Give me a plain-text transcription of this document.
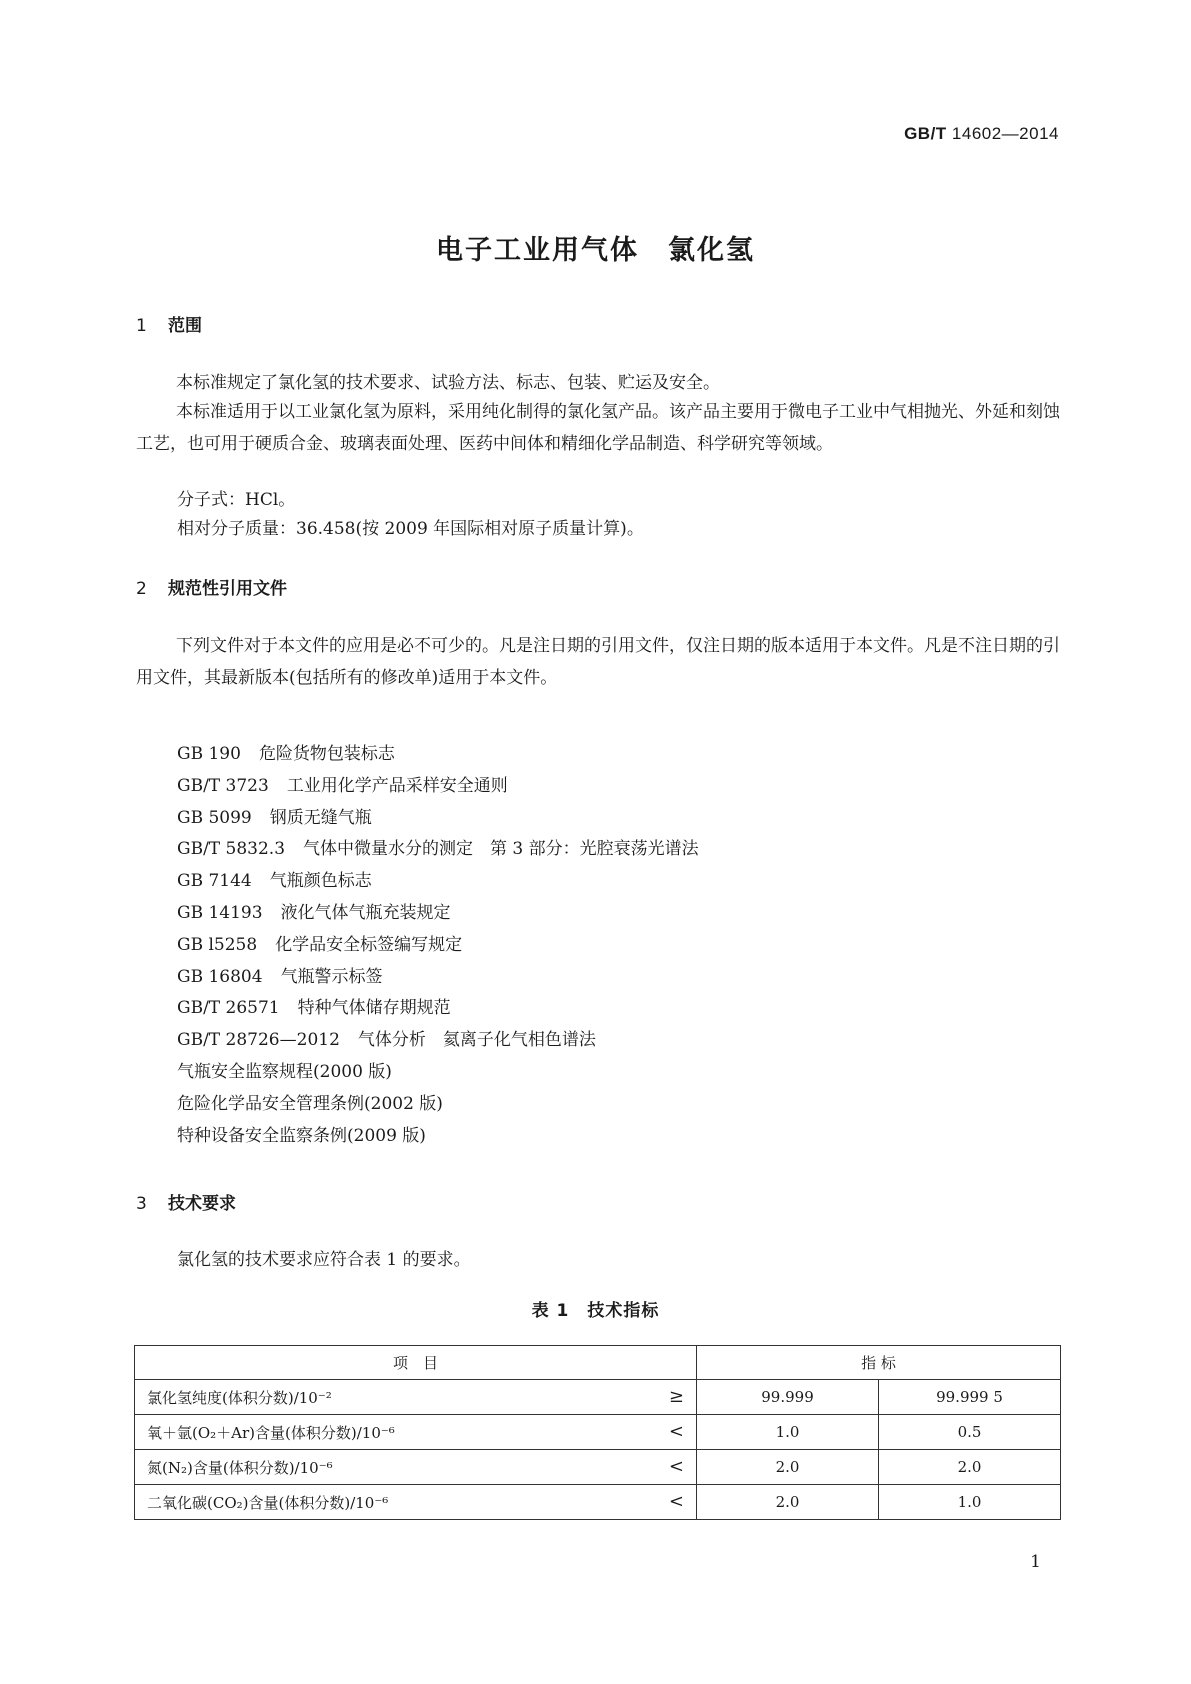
GB/T 14602—2014
电子工业用气体　氯化氢
1 范围
本标准规定了氯化氢的技术要求、试验方法、标志、包装、贮运及安全。
本标准适用于以工业氯化氢为原料，采用纯化制得的氯化氢产品。该产品主要用于微电子工业中气相抛光、外延和刻蚀工艺，也可用于硬质合金、玻璃表面处理、医药中间体和精细化学品制造、科学研究等领域。
分子式：HCl。
相对分子质量：36.458(按 2009 年国际相对原子质量计算)。
2 规范性引用文件
下列文件对于本文件的应用是必不可少的。凡是注日期的引用文件，仅注日期的版本适用于本文件。凡是不注日期的引用文件，其最新版本(包括所有的修改单)适用于本文件。
GB 190 危险货物包装标志
GB/T 3723 工业用化学产品采样安全通则
GB 5099 钢质无缝气瓶
GB/T 5832.3 气体中微量水分的测定　第 3 部分：光腔衰荡光谱法
GB 7144 气瓶颜色标志
GB 14193 液化气体气瓶充装规定
GB l5258 化学品安全标签编写规定
GB 16804 气瓶警示标签
GB/T 26571 特种气体储存期规范
GB/T 28726—2012 气体分析　氦离子化气相色谱法
气瓶安全监察规程(2000 版)
危险化学品安全管理条例(2002 版)
特种设备安全监察条例(2009 版)
3 技术要求
氯化氢的技术要求应符合表 1 的要求。
表 1　技术指标
项　目	指 标	
氯化氢纯度(体积分数)/10⁻² ≥	99.999	99.999 5
氧＋氩(O₂＋Ar)含量(体积分数)/10⁻⁶ <	1.0	0.5
氮(N₂)含量(体积分数)/10⁻⁶ <	2.0	2.0
二氧化碳(CO₂)含量(体积分数)/10⁻⁶ <	2.0	1.0
1
